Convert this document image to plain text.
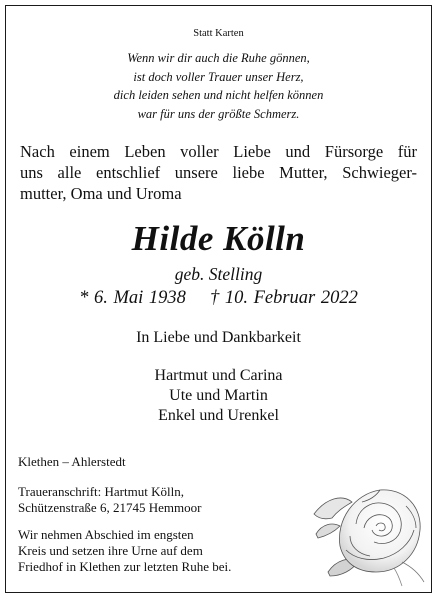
Statt Karten
Wenn wir dir auch die Ruhe gönnen,
ist doch voller Trauer unser Herz,
dich leiden sehen und nicht helfen können
war für uns der größte Schmerz.
Nach einem Leben voller Liebe und Fürsorge für
uns alle entschlief unsere liebe Mutter, Schwieger-
mutter, Oma und Uroma
Hilde Kölln
geb. Stelling
* 6. Mai 1938 † 10. Februar 2022
In Liebe und Dankbarkeit
Hartmut und Carina
Ute und Martin
Enkel und Urenkel
Klethen – Ahlerstedt
Traueranschrift: Hartmut Kölln,
Schützenstraße 6, 21745 Hemmoor
Wir nehmen Abschied im engsten
Kreis und setzen ihre Urne auf dem
Friedhof in Klethen zur letzten Ruhe bei.
